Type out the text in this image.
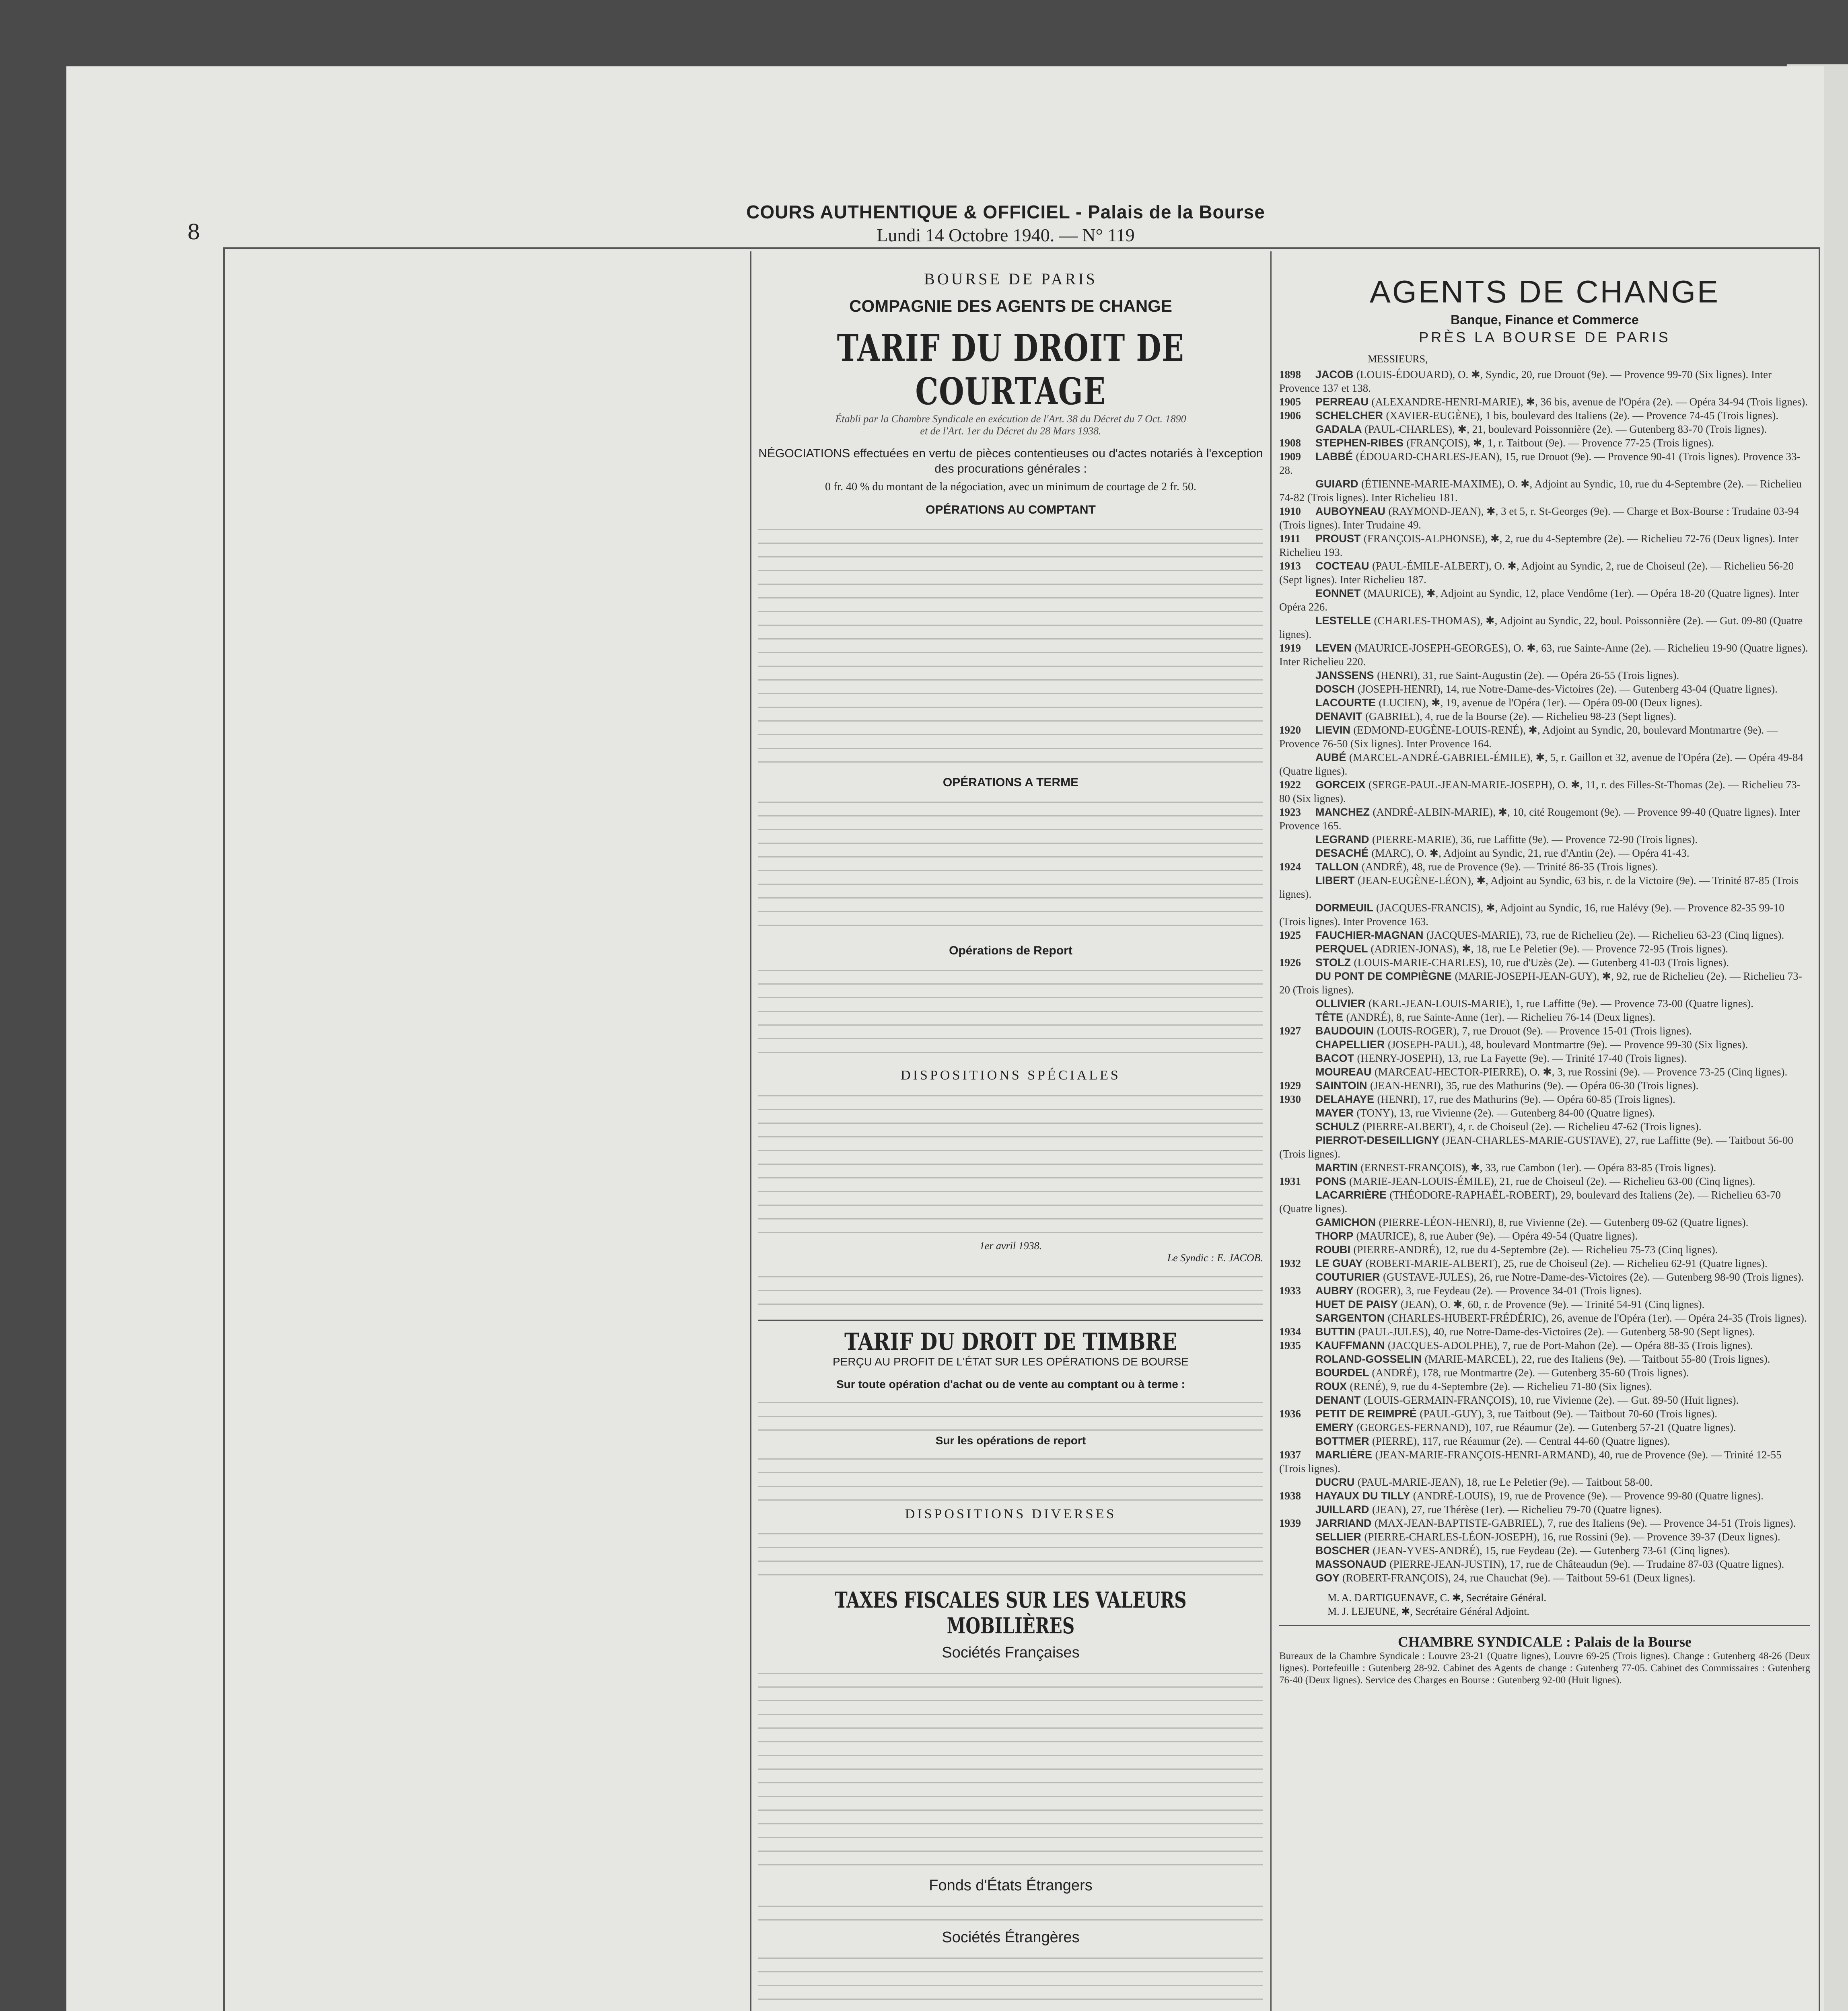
8
COURS AUTHENTIQUE & OFFICIEL - Palais de la Bourse
Lundi 14 Octobre 1940. — N° 119
BOURSE DE PARIS
COMPAGNIE DES AGENTS DE CHANGE
TARIF DU DROIT DE COURTAGE
Établi par la Chambre Syndicale en exécution de l'Art. 38 du Décret du 7 Oct. 1890
et de l'Art. 1er du Décret du 28 Mars 1938.
NÉGOCIATIONS effectuées en vertu de pièces contentieuses ou d'actes notariés à l'exception des procurations générales :
0 fr. 40 % du montant de la négociation, avec un minimum de courtage de 2 fr. 50.
OPÉRATIONS AU COMPTANT
OPÉRATIONS A TERME
Opérations de Report
DISPOSITIONS SPÉCIALES
1er avril 1938.
Le Syndic : E. JACOB.
TARIF DU DROIT DE TIMBRE
PERÇU AU PROFIT DE L'ÉTAT SUR LES OPÉRATIONS DE BOURSE
Sur toute opération d'achat ou de vente au comptant ou à terme :
Sur les opérations de report
DISPOSITIONS DIVERSES
TAXES FISCALES SUR LES VALEURS MOBILIÈRES
Sociétés Françaises
Fonds d'États Étrangers
Sociétés Étrangères
AGENTS DE CHANGE
Banque, Finance et Commerce
PRÈS LA BOURSE DE PARIS
MESSIEURS,
1898 JACOB (LOUIS-ÉDOUARD), O. ✱, Syndic, 20, rue Drouot (9e). — Provence 99-70 (Six lignes). Inter Provence 137 et 138.
1905 PERREAU (ALEXANDRE-HENRI-MARIE), ✱, 36 bis, avenue de l'Opéra (2e). — Opéra 34-94 (Trois lignes).
1906 SCHELCHER (XAVIER-EUGÈNE), 1 bis, boulevard des Italiens (2e). — Provence 74-45 (Trois lignes).
GADALA (PAUL-CHARLES), ✱, 21, boulevard Poissonnière (2e). — Gutenberg 83-70 (Trois lignes).
1908 STEPHEN-RIBES (FRANÇOIS), ✱, 1, r. Taitbout (9e). — Provence 77-25 (Trois lignes).
1909 LABBÉ (ÉDOUARD-CHARLES-JEAN), 15, rue Drouot (9e). — Provence 90-41 (Trois lignes). Provence 33-28.
GUIARD (ÉTIENNE-MARIE-MAXIME), O. ✱, Adjoint au Syndic, 10, rue du 4-Septembre (2e). — Richelieu 74-82 (Trois lignes). Inter Richelieu 181.
1910 AUBOYNEAU (RAYMOND-JEAN), ✱, 3 et 5, r. St-Georges (9e). — Charge et Box-Bourse : Trudaine 03-94 (Trois lignes). Inter Trudaine 49.
1911 PROUST (FRANÇOIS-ALPHONSE), ✱, 2, rue du 4-Septembre (2e). — Richelieu 72-76 (Deux lignes). Inter Richelieu 193.
1913 COCTEAU (PAUL-ÉMILE-ALBERT), O. ✱, Adjoint au Syndic, 2, rue de Choiseul (2e). — Richelieu 56-20 (Sept lignes). Inter Richelieu 187.
EONNET (MAURICE), ✱, Adjoint au Syndic, 12, place Vendôme (1er). — Opéra 18-20 (Quatre lignes). Inter Opéra 226.
LESTELLE (CHARLES-THOMAS), ✱, Adjoint au Syndic, 22, boul. Poissonnière (2e). — Gut. 09-80 (Quatre lignes).
1919 LEVEN (MAURICE-JOSEPH-GEORGES), O. ✱, 63, rue Sainte-Anne (2e). — Richelieu 19-90 (Quatre lignes). Inter Richelieu 220.
JANSSENS (HENRI), 31, rue Saint-Augustin (2e). — Opéra 26-55 (Trois lignes).
DOSCH (JOSEPH-HENRI), 14, rue Notre-Dame-des-Victoires (2e). — Gutenberg 43-04 (Quatre lignes).
LACOURTE (LUCIEN), ✱, 19, avenue de l'Opéra (1er). — Opéra 09-00 (Deux lignes).
DENAVIT (GABRIEL), 4, rue de la Bourse (2e). — Richelieu 98-23 (Sept lignes).
1920 LIEVIN (EDMOND-EUGÈNE-LOUIS-RENÉ), ✱, Adjoint au Syndic, 20, boulevard Montmartre (9e). — Provence 76-50 (Six lignes). Inter Provence 164.
AUBÉ (MARCEL-ANDRÉ-GABRIEL-ÉMILE), ✱, 5, r. Gaillon et 32, avenue de l'Opéra (2e). — Opéra 49-84 (Quatre lignes).
1922 GORCEIX (SERGE-PAUL-JEAN-MARIE-JOSEPH), O. ✱, 11, r. des Filles-St-Thomas (2e). — Richelieu 73-80 (Six lignes).
1923 MANCHEZ (ANDRÉ-ALBIN-MARIE), ✱, 10, cité Rougemont (9e). — Provence 99-40 (Quatre lignes). Inter Provence 165.
LEGRAND (PIERRE-MARIE), 36, rue Laffitte (9e). — Provence 72-90 (Trois lignes).
DESACHÉ (MARC), O. ✱, Adjoint au Syndic, 21, rue d'Antin (2e). — Opéra 41-43.
1924 TALLON (ANDRÉ), 48, rue de Provence (9e). — Trinité 86-35 (Trois lignes).
LIBERT (JEAN-EUGÈNE-LÉON), ✱, Adjoint au Syndic, 63 bis, r. de la Victoire (9e). — Trinité 87-85 (Trois lignes).
DORMEUIL (JACQUES-FRANCIS), ✱, Adjoint au Syndic, 16, rue Halévy (9e). — Provence 82-35 99-10 (Trois lignes). Inter Provence 163.
1925 FAUCHIER-MAGNAN (JACQUES-MARIE), 73, rue de Richelieu (2e). — Richelieu 63-23 (Cinq lignes).
PERQUEL (ADRIEN-JONAS), ✱, 18, rue Le Peletier (9e). — Provence 72-95 (Trois lignes).
1926 STOLZ (LOUIS-MARIE-CHARLES), 10, rue d'Uzès (2e). — Gutenberg 41-03 (Trois lignes).
DU PONT DE COMPIÈGNE (MARIE-JOSEPH-JEAN-GUY), ✱, 92, rue de Richelieu (2e). — Richelieu 73-20 (Trois lignes).
OLLIVIER (KARL-JEAN-LOUIS-MARIE), 1, rue Laffitte (9e). — Provence 73-00 (Quatre lignes).
TÊTE (ANDRÉ), 8, rue Sainte-Anne (1er). — Richelieu 76-14 (Deux lignes).
1927 BAUDOUIN (LOUIS-ROGER), 7, rue Drouot (9e). — Provence 15-01 (Trois lignes).
CHAPELLIER (JOSEPH-PAUL), 48, boulevard Montmartre (9e). — Provence 99-30 (Six lignes).
BACOT (HENRY-JOSEPH), 13, rue La Fayette (9e). — Trinité 17-40 (Trois lignes).
MOUREAU (MARCEAU-HECTOR-PIERRE), O. ✱, 3, rue Rossini (9e). — Provence 73-25 (Cinq lignes).
1929 SAINTOIN (JEAN-HENRI), 35, rue des Mathurins (9e). — Opéra 06-30 (Trois lignes).
1930 DELAHAYE (HENRI), 17, rue des Mathurins (9e). — Opéra 60-85 (Trois lignes).
MAYER (TONY), 13, rue Vivienne (2e). — Gutenberg 84-00 (Quatre lignes).
SCHULZ (PIERRE-ALBERT), 4, r. de Choiseul (2e). — Richelieu 47-62 (Trois lignes).
PIERROT-DESEILLIGNY (JEAN-CHARLES-MARIE-GUSTAVE), 27, rue Laffitte (9e). — Taitbout 56-00 (Trois lignes).
MARTIN (ERNEST-FRANÇOIS), ✱, 33, rue Cambon (1er). — Opéra 83-85 (Trois lignes).
1931 PONS (MARIE-JEAN-LOUIS-ÉMILE), 21, rue de Choiseul (2e). — Richelieu 63-00 (Cinq lignes).
LACARRIÈRE (THÉODORE-RAPHAËL-ROBERT), 29, boulevard des Italiens (2e). — Richelieu 63-70 (Quatre lignes).
GAMICHON (PIERRE-LÉON-HENRI), 8, rue Vivienne (2e). — Gutenberg 09-62 (Quatre lignes).
THORP (MAURICE), 8, rue Auber (9e). — Opéra 49-54 (Quatre lignes).
ROUBI (PIERRE-ANDRÉ), 12, rue du 4-Septembre (2e). — Richelieu 75-73 (Cinq lignes).
1932 LE GUAY (ROBERT-MARIE-ALBERT), 25, rue de Choiseul (2e). — Richelieu 62-91 (Quatre lignes).
COUTURIER (GUSTAVE-JULES), 26, rue Notre-Dame-des-Victoires (2e). — Gutenberg 98-90 (Trois lignes).
1933 AUBRY (ROGER), 3, rue Feydeau (2e). — Provence 34-01 (Trois lignes).
HUET DE PAISY (JEAN), O. ✱, 60, r. de Provence (9e). — Trinité 54-91 (Cinq lignes).
SARGENTON (CHARLES-HUBERT-FRÉDÉRIC), 26, avenue de l'Opéra (1er). — Opéra 24-35 (Trois lignes).
1934 BUTTIN (PAUL-JULES), 40, rue Notre-Dame-des-Victoires (2e). — Gutenberg 58-90 (Sept lignes).
1935 KAUFFMANN (JACQUES-ADOLPHE), 7, rue de Port-Mahon (2e). — Opéra 88-35 (Trois lignes).
ROLAND-GOSSELIN (MARIE-MARCEL), 22, rue des Italiens (9e). — Taitbout 55-80 (Trois lignes).
BOURDEL (ANDRÉ), 178, rue Montmartre (2e). — Gutenberg 35-60 (Trois lignes).
ROUX (RENÉ), 9, rue du 4-Septembre (2e). — Richelieu 71-80 (Six lignes).
DENANT (LOUIS-GERMAIN-FRANÇOIS), 10, rue Vivienne (2e). — Gut. 89-50 (Huit lignes).
1936 PETIT DE REIMPRÉ (PAUL-GUY), 3, rue Taitbout (9e). — Taitbout 70-60 (Trois lignes).
EMERY (GEORGES-FERNAND), 107, rue Réaumur (2e). — Gutenberg 57-21 (Quatre lignes).
BOTTMER (PIERRE), 117, rue Réaumur (2e). — Central 44-60 (Quatre lignes).
1937 MARLIÈRE (JEAN-MARIE-FRANÇOIS-HENRI-ARMAND), 40, rue de Provence (9e). — Trinité 12-55 (Trois lignes).
DUCRU (PAUL-MARIE-JEAN), 18, rue Le Peletier (9e). — Taitbout 58-00.
1938 HAYAUX DU TILLY (ANDRÉ-LOUIS), 19, rue de Provence (9e). — Provence 99-80 (Quatre lignes).
JUILLARD (JEAN), 27, rue Thérèse (1er). — Richelieu 79-70 (Quatre lignes).
1939 JARRIAND (MAX-JEAN-BAPTISTE-GABRIEL), 7, rue des Italiens (9e). — Provence 34-51 (Trois lignes).
SELLIER (PIERRE-CHARLES-LÉON-JOSEPH), 16, rue Rossini (9e). — Provence 39-37 (Deux lignes).
BOSCHER (JEAN-YVES-ANDRÉ), 15, rue Feydeau (2e). — Gutenberg 73-61 (Cinq lignes).
MASSONAUD (PIERRE-JEAN-JUSTIN), 17, rue de Châteaudun (9e). — Trudaine 87-03 (Quatre lignes).
GOY (ROBERT-FRANÇOIS), 24, rue Chauchat (9e). — Taitbout 59-61 (Deux lignes).
M. A. DARTIGUENAVE, C. ✱, Secrétaire Général.
M. J. LEJEUNE, ✱, Secrétaire Général Adjoint.
CHAMBRE SYNDICALE : Palais de la Bourse
Bureaux de la Chambre Syndicale : Louvre 23-21 (Quatre lignes), Louvre 69-25 (Trois lignes). Change : Gutenberg 48-26 (Deux lignes). Portefeuille : Gutenberg 28-92. Cabinet des Agents de change : Gutenberg 77-05. Cabinet des Commissaires : Gutenberg 76-40 (Deux lignes). Service des Charges en Bourse : Gutenberg 92-00 (Huit lignes).
